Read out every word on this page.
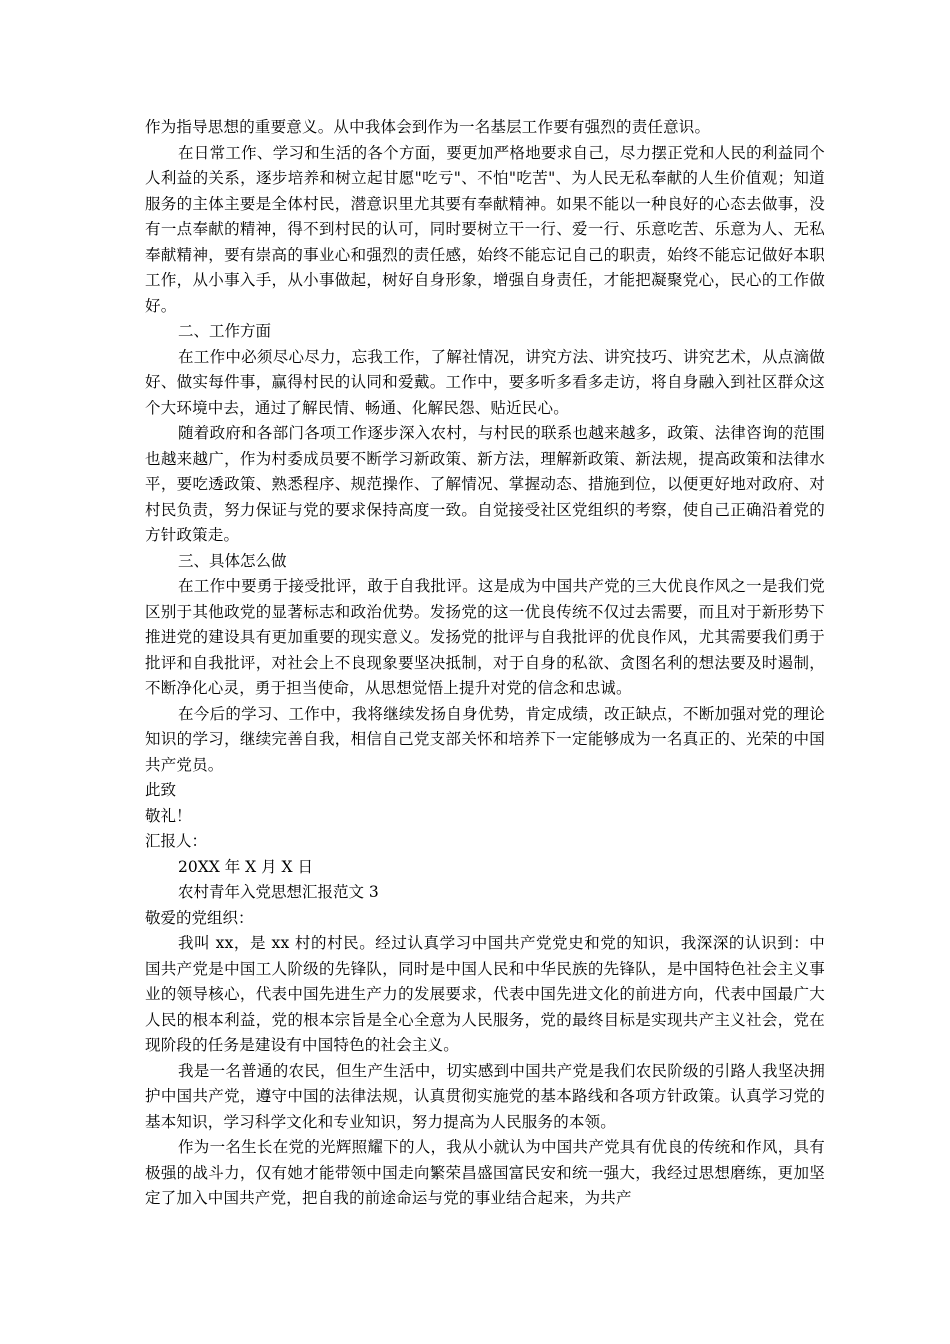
作为指导思想的重要意义。从中我体会到作为一名基层工作要有强烈的责任意识。

在日常工作、学习和生活的各个方面，要更加严格地要求自己，尽力摆正党和人民的利益同个人利益的关系，逐步培养和树立起甘愿"吃亏"、不怕"吃苦"、为人民无私奉献的人生价值观；知道服务的主体主要是全体村民，潜意识里尤其要有奉献精神。如果不能以一种良好的心态去做事，没有一点奉献的精神，得不到村民的认可，同时要树立干一行、爱一行、乐意吃苦、乐意为人、无私奉献精神，要有崇高的事业心和强烈的责任感，始终不能忘记自己的职责，始终不能忘记做好本职工作，从小事入手，从小事做起，树好自身形象，增强自身责任，才能把凝聚党心，民心的工作做好。

二、工作方面

在工作中必须尽心尽力，忘我工作，了解社情况，讲究方法、讲究技巧、讲究艺术，从点滴做好、做实每件事，赢得村民的认同和爱戴。工作中，要多听多看多走访，将自身融入到社区群众这个大环境中去，通过了解民情、畅通、化解民怨、贴近民心。

随着政府和各部门各项工作逐步深入农村，与村民的联系也越来越多，政策、法律咨询的范围也越来越广，作为村委成员要不断学习新政策、新方法，理解新政策、新法规，提高政策和法律水平，要吃透政策、熟悉程序、规范操作、了解情况、掌握动态、措施到位，以便更好地对政府、对村民负责，努力保证与党的要求保持高度一致。自觉接受社区党组织的考察，使自己正确沿着党的方针政策走。

三、具体怎么做

在工作中要勇于接受批评，敢于自我批评。这是成为中国共产党的三大优良作风之一是我们党区别于其他政党的显著标志和政治优势。发扬党的这一优良传统不仅过去需要，而且对于新形势下推进党的建设具有更加重要的现实意义。发扬党的批评与自我批评的优良作风，尤其需要我们勇于批评和自我批评，对社会上不良现象要坚决抵制，对于自身的私欲、贪图名利的想法要及时遏制，不断净化心灵，勇于担当使命，从思想觉悟上提升对党的信念和忠诚。

在今后的学习、工作中，我将继续发扬自身优势，肯定成绩，改正缺点，不断加强对党的理论知识的学习，继续完善自我，相信自己党支部关怀和培养下一定能够成为一名真正的、光荣的中国共产党员。

此致

敬礼！

汇报人：

20XX 年 X 月 X 日

农村青年入党思想汇报范文 3

敬爱的党组织：

我叫 xx，是 xx 村的村民。经过认真学习中国共产党党史和党的知识，我深深的认识到：中国共产党是中国工人阶级的先锋队，同时是中国人民和中华民族的先锋队，是中国特色社会主义事业的领导核心，代表中国先进生产力的发展要求，代表中国先进文化的前进方向，代表中国最广大人民的根本利益，党的根本宗旨是全心全意为人民服务，党的最终目标是实现共产主义社会，党在现阶段的任务是建设有中国特色的社会主义。

我是一名普通的农民，但生产生活中，切实感到中国共产党是我们农民阶级的引路人我坚决拥护中国共产党，遵守中国的法律法规，认真贯彻实施党的基本路线和各项方针政策。认真学习党的基本知识，学习科学文化和专业知识，努力提高为人民服务的本领。

作为一名生长在党的光辉照耀下的人，我从小就认为中国共产党具有优良的传统和作风，具有极强的战斗力，仅有她才能带领中国走向繁荣昌盛国富民安和统一强大，我经过思想磨练，更加坚定了加入中国共产党，把自我的前途命运与党的事业结合起来，为共产
